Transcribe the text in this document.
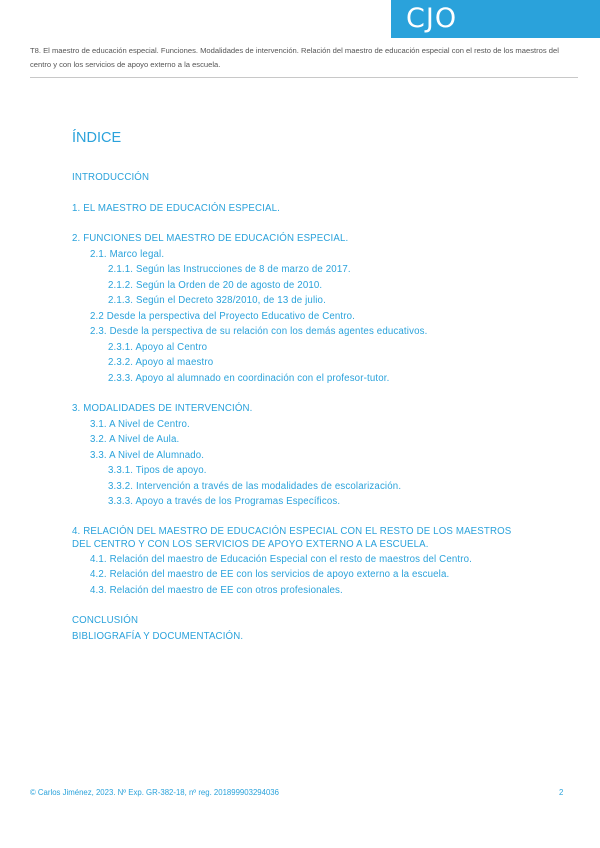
CJO
T8. El maestro de educación especial. Funciones. Modalidades de intervención. Relación del maestro de educación especial con el resto de los maestros del centro y con los servicios de apoyo externo a la escuela.
ÍNDICE
INTRODUCCIÓN
1. EL MAESTRO DE EDUCACIÓN ESPECIAL.
2. FUNCIONES DEL MAESTRO DE EDUCACIÓN ESPECIAL.
2.1. Marco legal.
2.1.1. Según las Instrucciones de 8 de marzo de 2017.
2.1.2. Según la Orden de 20 de agosto de 2010.
2.1.3. Según el Decreto 328/2010, de 13 de julio.
2.2 Desde la perspectiva del Proyecto Educativo de Centro.
2.3. Desde la perspectiva de su relación con los demás agentes educativos.
2.3.1. Apoyo al Centro
2.3.2. Apoyo al maestro
2.3.3. Apoyo al alumnado en coordinación con el profesor-tutor.
3. MODALIDADES DE INTERVENCIÓN.
3.1. A Nivel de Centro.
3.2. A Nivel de Aula.
3.3. A Nivel de Alumnado.
3.3.1. Tipos de apoyo.
3.3.2. Intervención a través de las modalidades de escolarización.
3.3.3. Apoyo a través de los Programas Específicos.
4. RELACIÓN DEL MAESTRO DE EDUCACIÓN ESPECIAL CON EL RESTO DE LOS MAESTROS DEL CENTRO Y CON LOS SERVICIOS DE APOYO EXTERNO A LA ESCUELA.
4.1. Relación del maestro de Educación Especial con el resto de maestros del Centro.
4.2. Relación del maestro de EE con los servicios de apoyo externo a la escuela.
4.3. Relación del maestro de EE con otros profesionales.
CONCLUSIÓN
BIBLIOGRAFÍA Y DOCUMENTACIÓN.
© Carlos Jiménez, 2023. Nº Exp. GR-382-18, nº reg. 201899903294036	2
